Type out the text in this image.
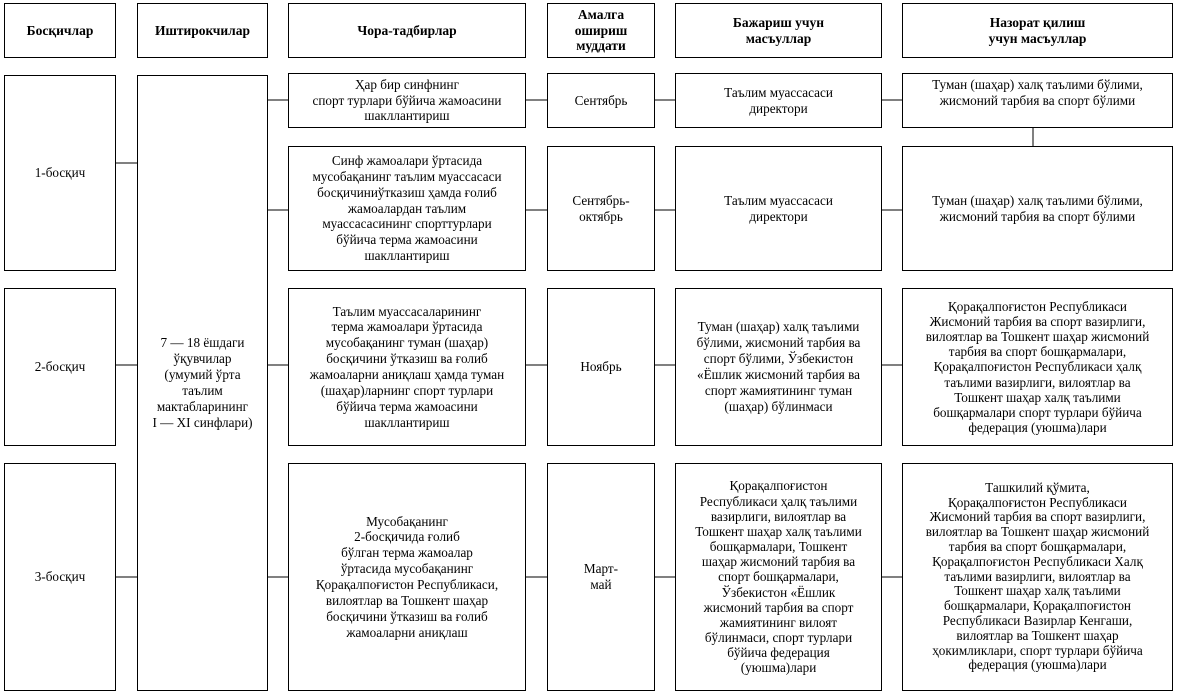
Босқичлар	Иштирокчилар	Чора-тадбирлар
Амалга
ошириш
муддати
Бажариш учун
масъуллар
Назорат қилиш
учун масъуллар
1-босқич
2-босқич
3-босқич
7 — 18 ёшдаги
ўқувчилар
(умумий ўрта
таълим
мактабларининг
I — XI синфлари)
Ҳар бир синфнинг
спорт турлари бўйича жамоасини
шакллантириш
Сентябрь
Таълим муассасаси
директори
Туман (шаҳар) халқ таълими бўлими,
жисмоний тарбия ва спорт бўлими
Синф жамоалари ўртасида
мусобақанинг таълим муассасаси
босқичиниўтказиш ҳамда ғолиб
жамоалардан таълим
муассасасининг спорттурлари
бўйича терма жамоасини
шакллантириш
Сентябрь-
октябрь
Таълим муассасаси
директори
Туман (шаҳар) халқ таълими бўлими,
жисмоний тарбия ва спорт бўлими
Таълим муассасаларининг
терма жамоалари ўртасида
мусобақанинг туман (шаҳар)
босқичини ўтказиш ва ғолиб
жамоаларни аниқлаш ҳамда туман
(шаҳар)ларнинг спорт турлари
бўйича терма жамоасини
шакллантириш
Ноябрь
Туман (шаҳар) халқ таълими
бўлими, жисмоний тарбия ва
спорт бўлими, Ўзбекистон
«Ёшлик жисмоний тарбия ва
спорт жамиятининг туман
(шаҳар) бўлинмаси
Қорақалпоғистон Республикаси
Жисмоний тарбия ва спорт вазирлиги,
вилоятлар ва Тошкент шаҳар жисмоний
тарбия ва спорт бошқармалари,
Қорақалпоғистон Республикаси ҳалқ
таълими вазирлиги, вилоятлар ва
Тошкент шаҳар халқ таълими
бошқармалари спорт турлари бўйича
федерация (уюшма)лари
Мусобақанинг
2-босқичида ғолиб
бўлган терма жамоалар
ўртасида мусобақанинг
Қорақалпоғистон Республикаси,
вилоятлар ва Тошкент шаҳар
босқичини ўтказиш ва ғолиб
жамоаларни аниқлаш
Март-
май
Қорақалпоғистон
Республикаси ҳалқ таълими
вазирлиги, вилоятлар ва
Тошкент шаҳар халқ таълими
бошқармалари, Тошкент
шаҳар жисмоний тарбия ва
спорт бошқармалари,
Ўзбекистон «Ёшлик
жисмоний тарбия ва спорт
жамиятининг вилоят
бўлинмаси, спорт турлари
бўйича федерация
(уюшма)лари
Ташкилий қўмита,
Қорақалпоғистон Республикаси
Жисмоний тарбия ва спорт вазирлиги,
вилоятлар ва Тошкент шаҳар жисмоний
тарбия ва спорт бошқармалари,
Қорақалпоғистон Республикаси Халқ
таълими вазирлиги, вилоятлар ва
Тошкент шаҳар халқ таълими
бошқармалари, Қорақалпоғистон
Республикаси Вазирлар Кенгаши,
вилоятлар ва Тошкент шаҳар
ҳокимликлари, спорт турлари бўйича
федерация (уюшма)лари
